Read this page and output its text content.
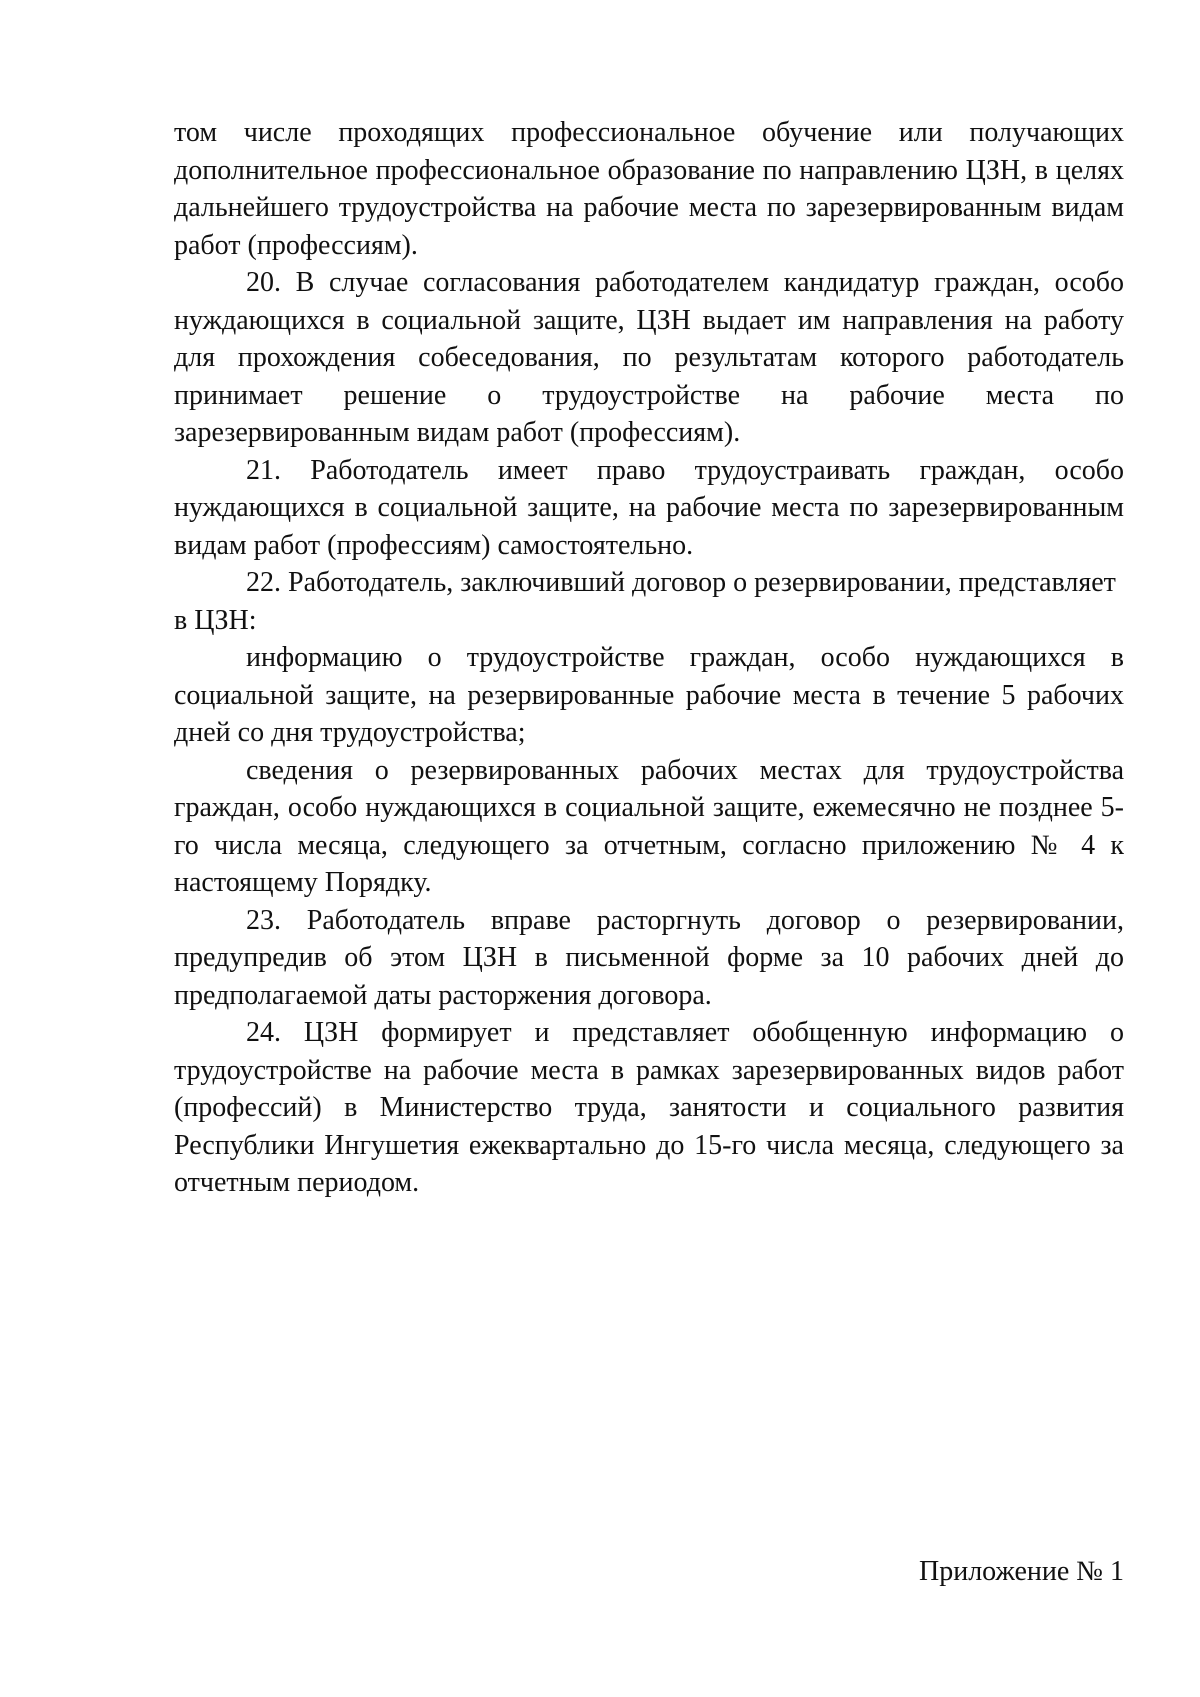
том числе проходящих профессиональное обучение или получающих дополнительное профессиональное образование по направлению ЦЗН, в целях дальнейшего трудоустройства на рабочие места по зарезервированным видам работ (профессиям).

20. В случае согласования работодателем кандидатур граждан, особо нуждающихся в социальной защите, ЦЗН выдает им направления на работу для прохождения собеседования, по результатам которого работодатель принимает решение о трудоустройстве на рабочие места по зарезервированным видам работ (профессиям).

21. Работодатель имеет право трудоустраивать граждан, особо нуждающихся в социальной защите, на рабочие места по зарезервированным видам работ (профессиям) самостоятельно.

22. Работодатель, заключивший договор о резервировании, представляет

в ЦЗН:

информацию о трудоустройстве граждан, особо нуждающихся в социальной защите, на резервированные рабочие места в течение 5 рабочих дней со дня трудоустройства;

сведения о резервированных рабочих местах для трудоустройства граждан, особо нуждающихся в социальной защите, ежемесячно не позднее 5-го числа месяца, следующего за отчетным, согласно приложению № 4 к настоящему Порядку.

23. Работодатель вправе расторгнуть договор о резервировании, предупредив об этом ЦЗН в письменной форме за 10 рабочих дней до предполагаемой даты расторжения договора.

24. ЦЗН формирует и представляет обобщенную информацию о трудоустройстве на рабочие места в рамках зарезервированных видов работ (профессий) в Министерство труда, занятости и социального развития Республики Ингушетия ежеквартально до 15-го числа месяца, следующего за отчетным периодом.

Приложение № 1
